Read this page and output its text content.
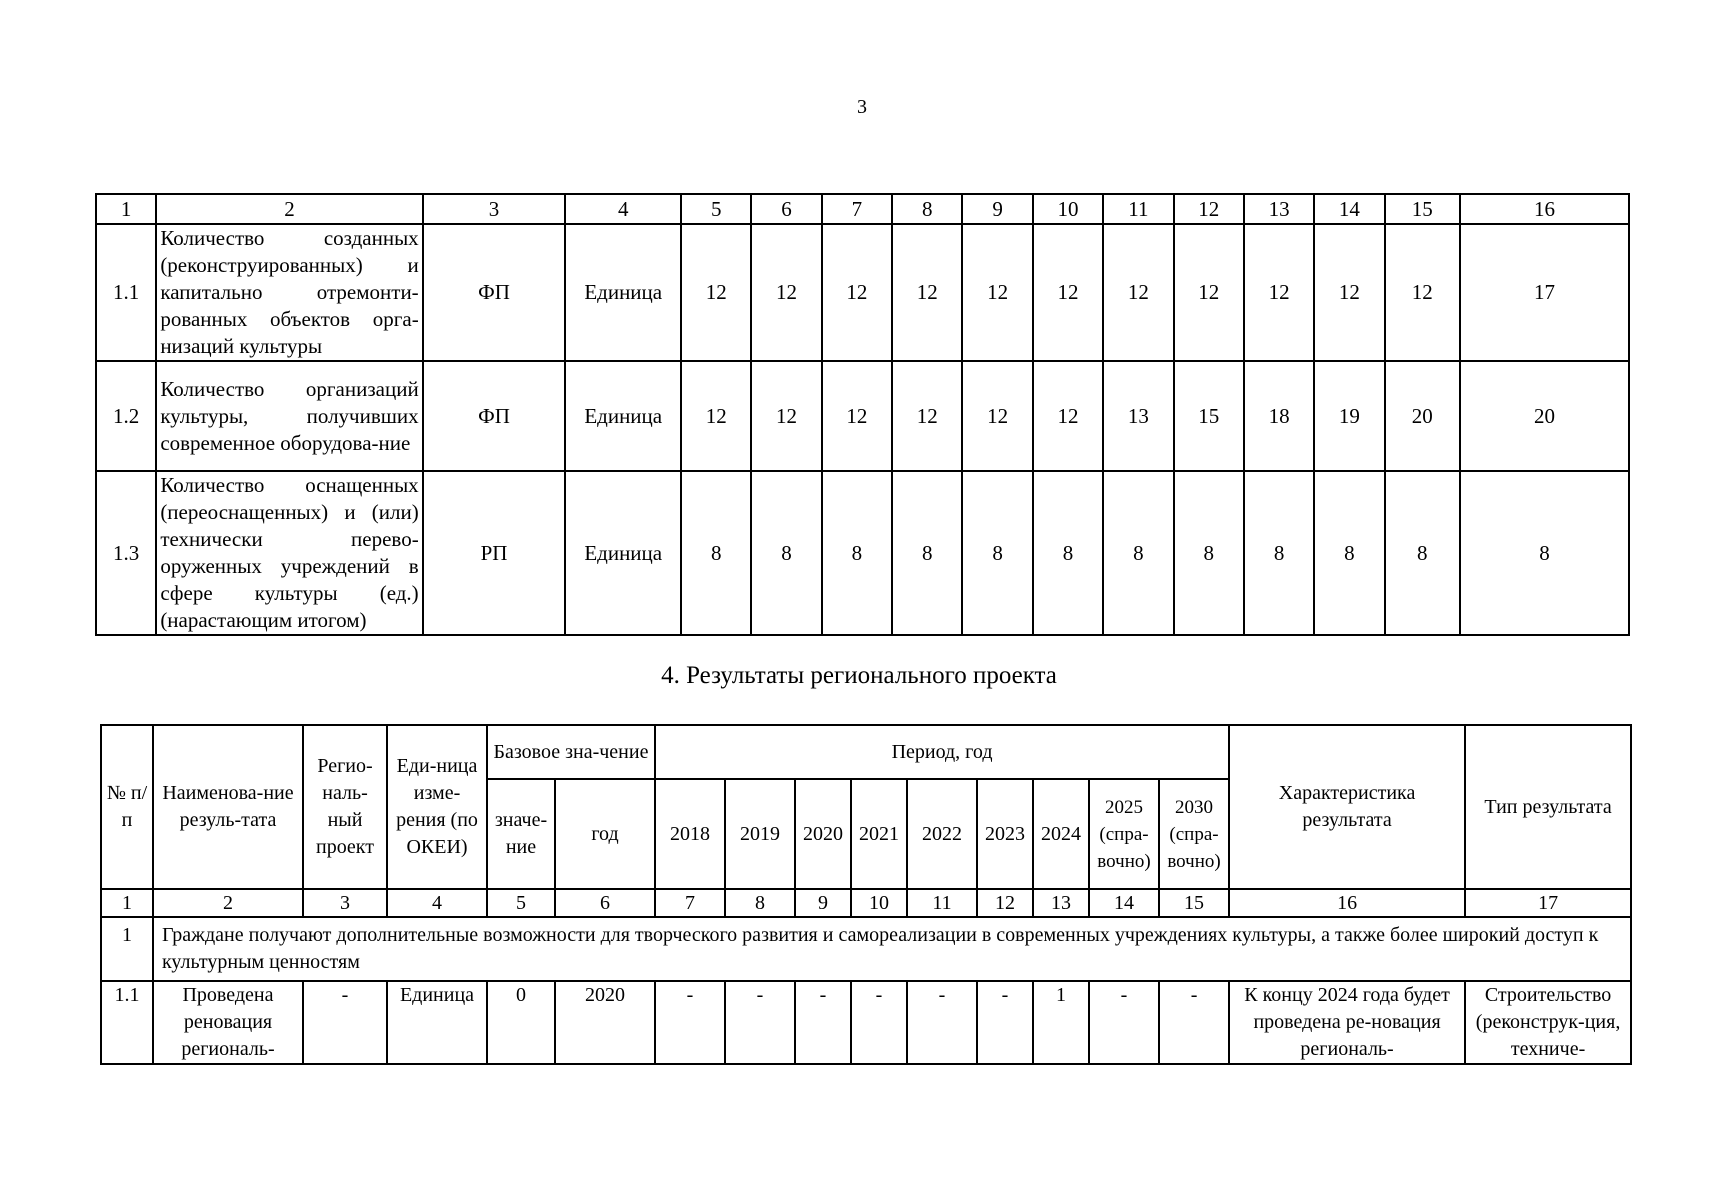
3
1	2	3	4	5	6	7	8	9	10	11	12	13	14	15	16
1.1	Количество созданных (реконструированных) и капитально отремонти-рованных объектов орга-низаций культуры	ФП	Единица	12	12	12	12	12	12	12	12	12	12	12	17
1.2	Количество организаций культуры, получивших современное оборудова-ние	ФП	Единица	12	12	12	12	12	12	13	15	18	19	20	20
1.3	Количество оснащенных (переоснащенных) и (или) технически перево-оруженных учреждений в сфере культуры (ед.) (нарастающим итогом)	РП	Единица	8	8	8	8	8	8	8	8	8	8	8	8
4. Результаты регионального проекта
№ п/п	Наименова-ние резуль-тата	Регио-наль-ный проект	Еди-ница изме-рения (по ОКЕИ)	Базовое зна-чение		Период, год									Характеристика результата	Тип результата
				значе-ние	год	2018	2019	2020	2021	2022	2023	2024	2025 (спра-вочно)	2030 (спра-вочно)		
1	2	3	4	5	6	7	8	9	10	11	12	13	14	15	16	17
1	Граждане получают дополнительные возможности для творческого развития и самореализации в современных учреждениях культуры, а также более широкий доступ к культурным ценностям															
1.1	Проведена реновация региональ-	-	Единица	0	2020	-	-	-	-	-	-	1	-	-	К концу 2024 года будет проведена ре-новация региональ-	Строительство (реконструк-ция, техниче-
